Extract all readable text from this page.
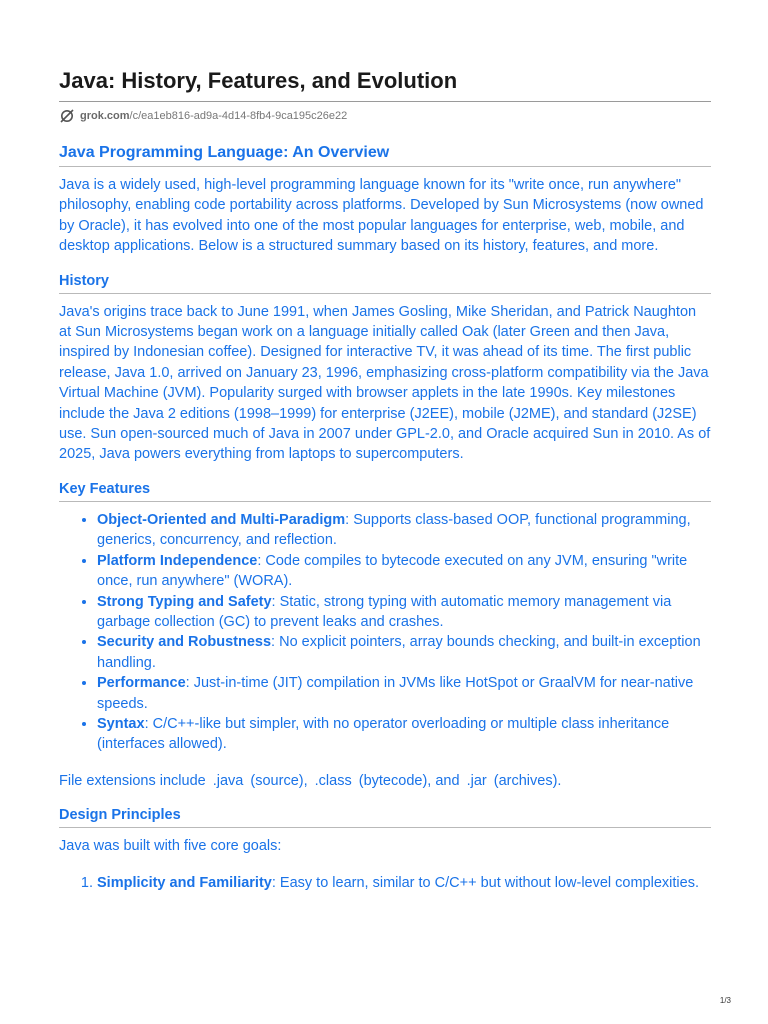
Java: History, Features, and Evolution
grok.com /c/ea1eb816-ad9a-4d14-8fb4-9ca195c26e22
Java Programming Language: An Overview

Java is a widely used, high-level programming language known for its "write once, run anywhere" philosophy, enabling code portability across platforms. Developed by Sun Microsystems (now owned by Oracle), it has evolved into one of the most popular languages for enterprise, web, mobile, and desktop applications. Below is a structured summary based on its history, features, and more.

History

Java's origins trace back to June 1991, when James Gosling, Mike Sheridan, and Patrick Naughton at Sun Microsystems began work on a language initially called Oak (later Green and then Java, inspired by Indonesian coffee). Designed for interactive TV, it was ahead of its time. The first public release, Java 1.0, arrived on January 23, 1996, emphasizing cross-platform compatibility via the Java Virtual Machine (JVM). Popularity surged with browser applets in the late 1990s. Key milestones include the Java 2 editions (1998–1999) for enterprise (J2EE), mobile (J2ME), and standard (J2SE) use. Sun open-sourced much of Java in 2007 under GPL-2.0, and Oracle acquired Sun in 2010. As of 2025, Java powers everything from laptops to supercomputers.

Key Features
• Object-Oriented and Multi-Paradigm: Supports class-based OOP, functional programming, generics, concurrency, and reflection.
• Platform Independence: Code compiles to bytecode executed on any JVM, ensuring "write once, run anywhere" (WORA).
• Strong Typing and Safety: Static, strong typing with automatic memory management via garbage collection (GC) to prevent leaks and crashes.
• Security and Robustness: No explicit pointers, array bounds checking, and built-in exception handling.
• Performance: Just-in-time (JIT) compilation in JVMs like HotSpot or GraalVM for near-native speeds.
• Syntax: C/C++-like but simpler, with no operator overloading or multiple class inheritance (interfaces allowed).

File extensions include .java (source), .class (bytecode), and .jar (archives).

Design Principles

Java was built with five core goals:

1. Simplicity and Familiarity: Easy to learn, similar to C/C++ but without low-level complexities.
1/3
